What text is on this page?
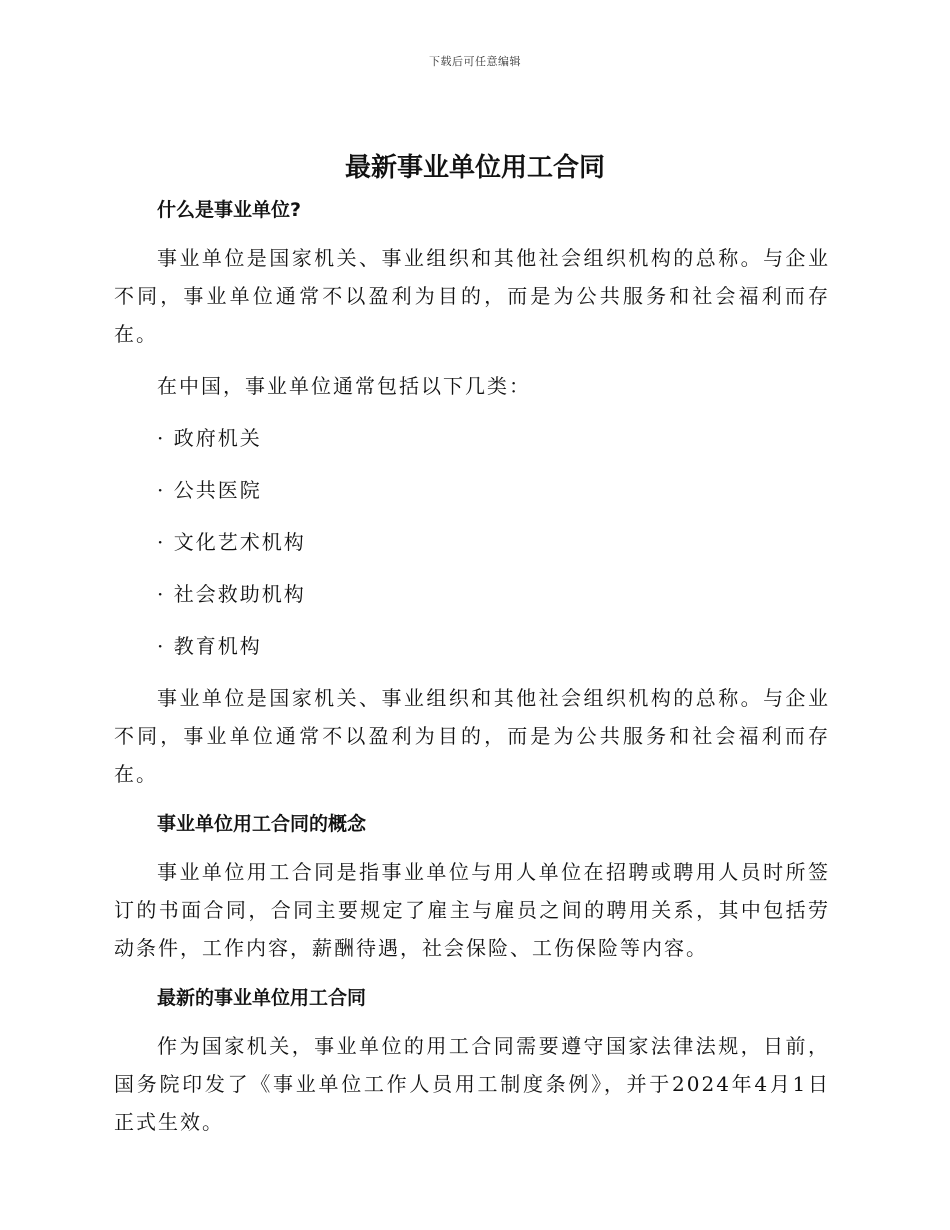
下载后可任意编辑
最新事业单位用工合同
什么是事业单位?

事业单位是国家机关、事业组织和其他社会组织机构的总称。与企业不同，事业单位通常不以盈利为目的，而是为公共服务和社会福利而存在。

在中国，事业单位通常包括以下几类：

· 政府机关

· 公共医院

· 文化艺术机构

· 社会救助机构

· 教育机构

事业单位是国家机关、事业组织和其他社会组织机构的总称。与企业不同，事业单位通常不以盈利为目的，而是为公共服务和社会福利而存在。

事业单位用工合同的概念

事业单位用工合同是指事业单位与用人单位在招聘或聘用人员时所签订的书面合同，合同主要规定了雇主与雇员之间的聘用关系，其中包括劳动条件，工作内容，薪酬待遇，社会保险、工伤保险等内容。

最新的事业单位用工合同

作为国家机关，事业单位的用工合同需要遵守国家法律法规，日前，国务院印发了《事业单位工作人员用工制度条例》，并于2024年4月1日正式生效。
